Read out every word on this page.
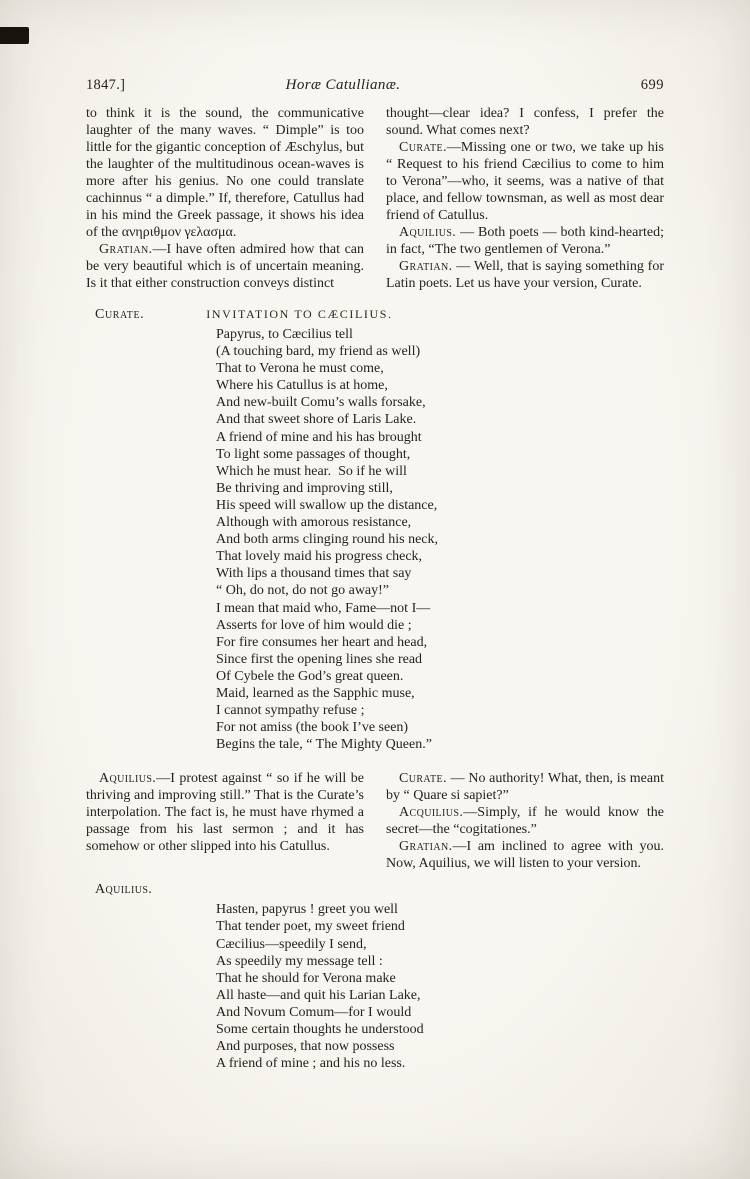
1847.]	Horæ Catullianæ.	699
to think it is the sound, the communicative laughter of the many waves. “ Dimple” is too little for the gigantic conception of Æschylus, but the laughter of the multitudinous ocean-waves is more after his genius. No one could translate cachinnus “ a dimple.” If, therefore, Catullus had in his mind the Greek passage, it shows his idea of the ανηριθμον γελασμα.
Gratian.—I have often admired how that can be very beautiful which is of uncertain meaning. Is it that either construction conveys distinct
thought—clear idea? I confess, I prefer the sound. What comes next?
Curate.—Missing one or two, we take up his “ Request to his friend Cæcilius to come to him to Verona”—who, it seems, was a native of that place, and fellow townsman, as well as most dear friend of Catullus.
Aquilius. — Both poets — both kind-hearted; in fact, “The two gentlemen of Verona.”
Gratian. — Well, that is saying something for Latin poets. Let us have your version, Curate.
Curate.	INVITATION TO CÆCILIUS.
Papyrus, to Cæcilius tell
(A touching bard, my friend as well)
That to Verona he must come,
Where his Catullus is at home,
And new-built Comu’s walls forsake,
And that sweet shore of Laris Lake.
A friend of mine and his has brought
To light some passages of thought,
Which he must hear.  So if he will
Be thriving and improving still,
His speed will swallow up the distance,
Although with amorous resistance,
And both arms clinging round his neck,
That lovely maid his progress check,
With lips a thousand times that say
“ Oh, do not, do not go away!”
I mean that maid who, Fame—not I—
Asserts for love of him would die ;
For fire consumes her heart and head,
Since first the opening lines she read
Of Cybele the God’s great queen.
Maid, learned as the Sapphic muse,
I cannot sympathy refuse ;
For not amiss (the book I’ve seen)
Begins the tale, “ The Mighty Queen.”
Aquilius.—I protest against “ so if he will be thriving and improving still.” That is the Curate’s interpolation. The fact is, he must have rhymed a passage from his last sermon ; and it has somehow or other slipped into his Catullus.
Curate. — No authority! What, then, is meant by “ Quare si sapiet?”
Acquilius.—Simply, if he would know the secret—the “cogitationes.”
Gratian.—I am inclined to agree with you. Now, Aquilius, we will listen to your version.
Aquilius.
Hasten, papyrus ! greet you well
That tender poet, my sweet friend
Cæcilius—speedily I send,
As speedily my message tell :
That he should for Verona make
All haste—and quit his Larian Lake,
And Novum Comum—for I would
Some certain thoughts he understood
And purposes, that now possess
A friend of mine ; and his no less.
